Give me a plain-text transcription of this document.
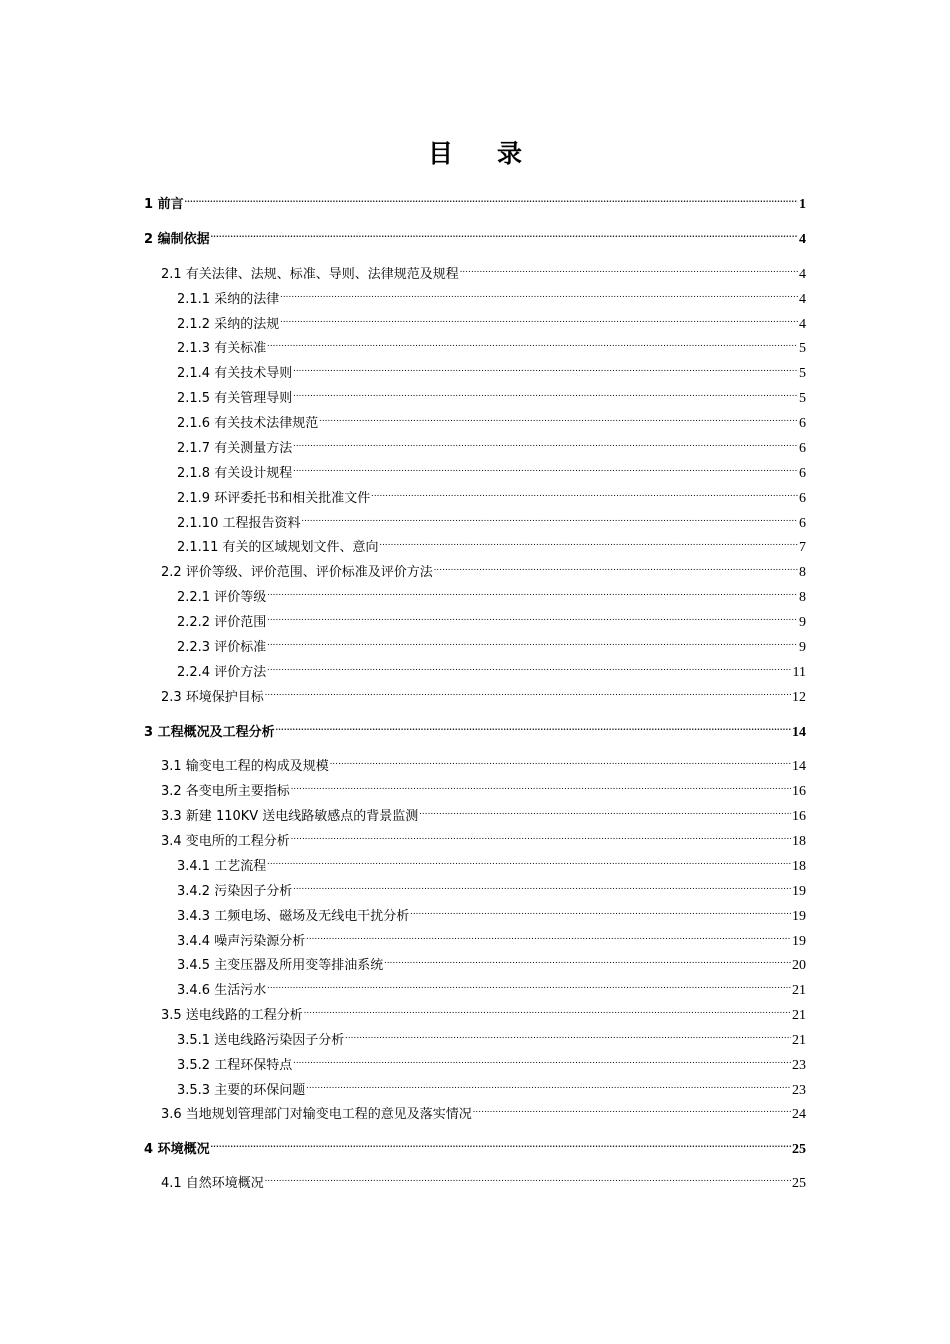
目 录
1 前言 .....	1
2 编制依据 .....	4
2.1 有关法律、法规、标准、导则、法律规范及规程 .....	4
2.1.1 采纳的法律 .....	4
2.1.2 采纳的法规 .....	4
2.1.3 有关标准 .....	5
2.1.4 有关技术导则 .....	5
2.1.5 有关管理导则 .....	5
2.1.6 有关技术法律规范 .....	6
2.1.7 有关测量方法 .....	6
2.1.8 有关设计规程 .....	6
2.1.9 环评委托书和相关批准文件 .....	6
2.1.10 工程报告资料 .....	6
2.1.11 有关的区域规划文件、意向 .....	7
2.2 评价等级、评价范围、评价标准及评价方法 .....	8
2.2.1 评价等级 .....	8
2.2.2 评价范围 .....	9
2.2.3 评价标准 .....	9
2.2.4 评价方法 .....	11
2.3 环境保护目标 .....	12
3 工程概况及工程分析 .....	14
3.1 输变电工程的构成及规模 .....	14
3.2 各变电所主要指标 .....	16
3.3 新建 110KV 送电线路敏感点的背景监测 .....	16
3.4 变电所的工程分析 .....	18
3.4.1 工艺流程 .....	18
3.4.2 污染因子分析 .....	19
3.4.3 工频电场、磁场及无线电干扰分析 .....	19
3.4.4 噪声污染源分析 .....	19
3.4.5 主变压器及所用变等排油系统 .....	20
3.4.6 生活污水 .....	21
3.5 送电线路的工程分析 .....	21
3.5.1 送电线路污染因子分析 .....	21
3.5.2 工程环保特点 .....	23
3.5.3 主要的环保问题 .....	23
3.6 当地规划管理部门对输变电工程的意见及落实情况 .....	24
4 环境概况 .....	25
4.1 自然环境概况 .....	25
